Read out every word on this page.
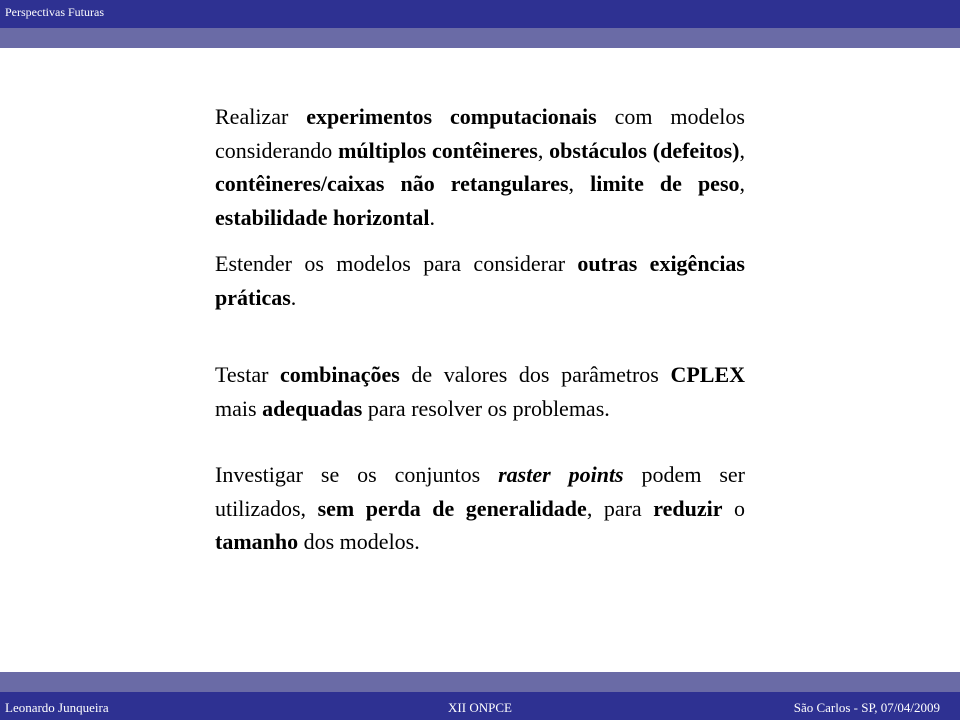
Perspectivas Futuras

Realizar experimentos computacionais com modelos considerando múltiplos contêineres, obstáculos (defeitos), contêineres/caixas não retangulares, limite de peso, estabilidade horizontal.

Estender os modelos para considerar outras exigências práticas.

Testar combinações de valores dos parâmetros CPLEX mais adequadas para resolver os problemas.

Investigar se os conjuntos raster points podem ser utilizados, sem perda de generalidade, para reduzir o tamanho dos modelos.

Leonardo Junqueira	XII ONPCE	São Carlos - SP, 07/04/2009
